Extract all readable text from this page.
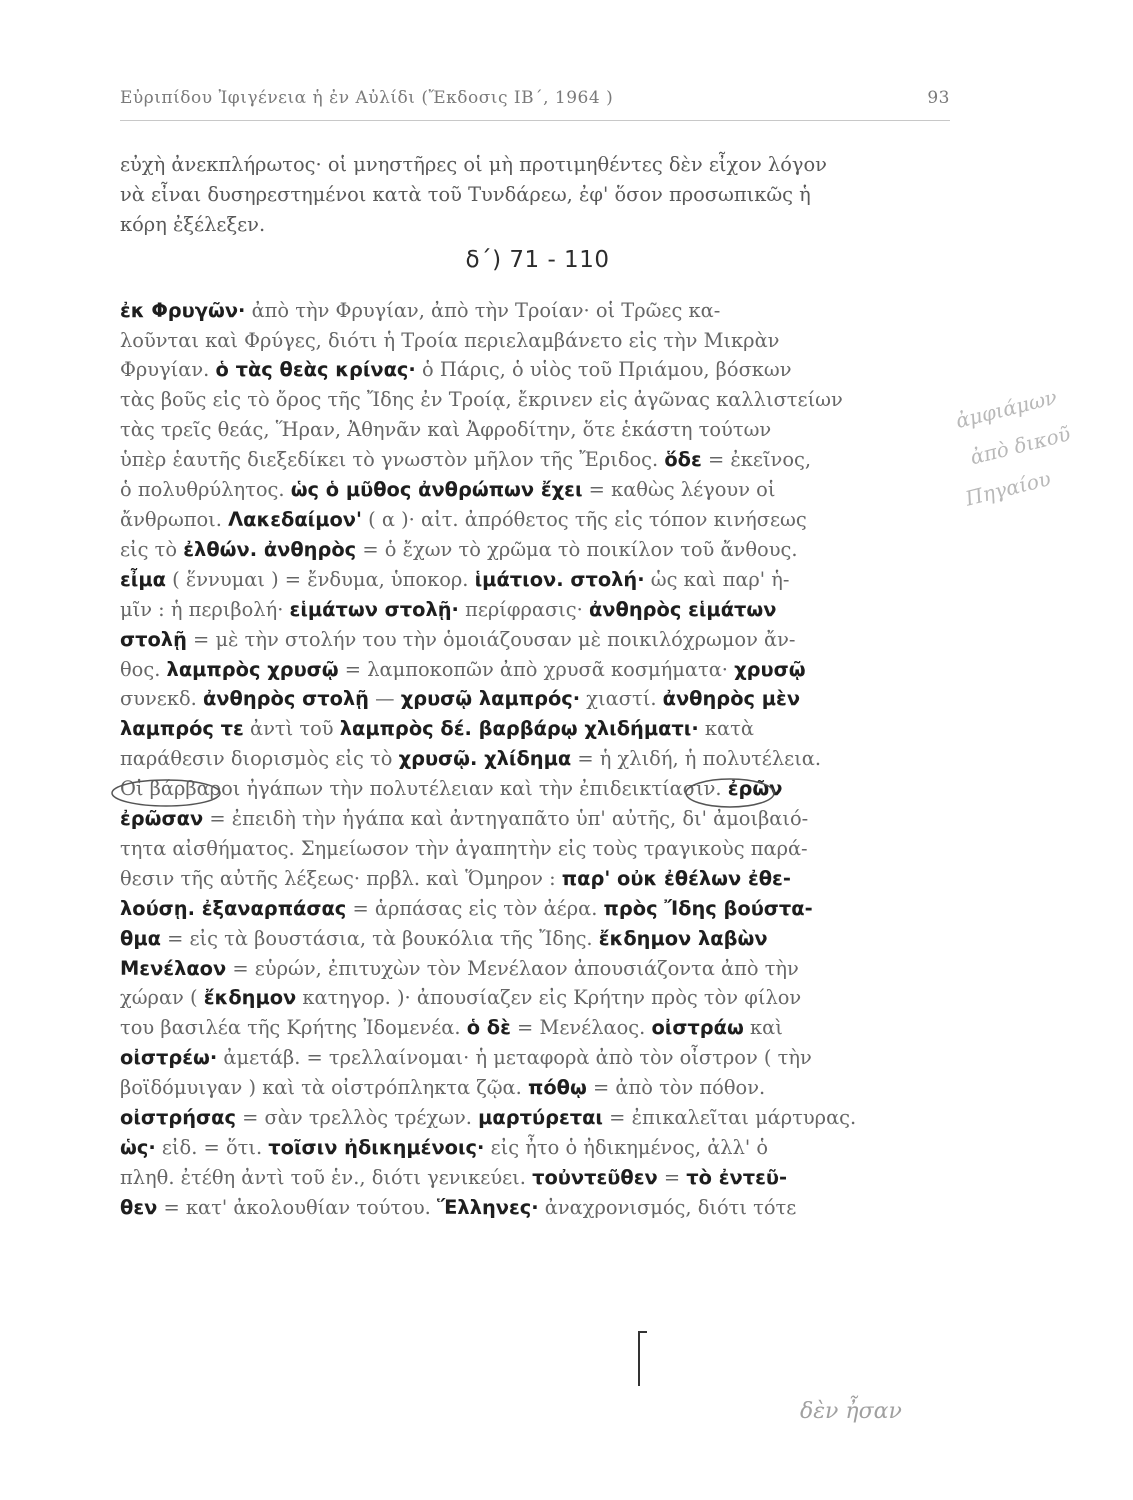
Εὐριπίδου Ἰφιγένεια ἡ ἐν Αὐλίδι (Ἔκδοσις ΙΒ΄, 1964 )	93
εὐχὴ ἀνεκπλήρωτος· οἱ μνηστῆρες οἱ μὴ προτιμηθέντες δὲν εἶχον λόγον
νὰ εἶναι δυσηρεστημένοι κατὰ τοῦ Τυνδάρεω, ἐφ' ὅσον προσωπικῶς ἡ
κόρη ἐξέλεξεν.
δ΄) 71 - 110
ἐκ Φρυγῶν· ἀπὸ τὴν Φρυγίαν, ἀπὸ τὴν Τροίαν· οἱ Τρῶες κα-
λοῦνται καὶ Φρύγες, διότι ἡ Τροία περιελαμβάνετο εἰς τὴν Μικρὰν
Φρυγίαν. ὁ τὰς θεὰς κρίνας· ὁ Πάρις, ὁ υἱὸς τοῦ Πριάμου, βόσκων
τὰς βοῦς εἰς τὸ ὄρος τῆς Ἴδης ἐν Τροίᾳ, ἔκρινεν εἰς ἀγῶνας καλλιστείων
τὰς τρεῖς θεάς, Ἥραν, Ἀθηνᾶν καὶ Ἀφροδίτην, ὅτε ἑκάστη τούτων
ὑπὲρ ἑαυτῆς διεξεδίκει τὸ γνωστὸν μῆλον τῆς Ἔριδος. ὅδε = ἐκεῖνος,
ὁ πολυθρύλητος. ὡς ὁ μῦθος ἀνθρώπων ἔχει = καθὼς λέγουν οἱ
ἄνθρωποι. Λακεδαίμον' ( α )· αἰτ. ἀπρόθετος τῆς εἰς τόπον κινήσεως
εἰς τὸ ἐλθών. ἀνθηρὸς = ὁ ἔχων τὸ χρῶμα τὸ ποικίλον τοῦ ἄνθους.
εἶμα ( ἕννυμαι ) = ἔνδυμα, ὑποκορ. ἱμάτιον. στολή· ὡς καὶ παρ' ἡ-
μῖν : ἡ περιβολή· εἱμάτων στολῇ· περίφρασις· ἀνθηρὸς εἱμάτων
στολῇ = μὲ τὴν στολήν του τὴν ὁμοιάζουσαν μὲ ποικιλόχρωμον ἄν-
θος. λαμπρὸς χρυσῷ = λαμποκοπῶν ἀπὸ χρυσᾶ κοσμήματα· χρυσῷ
συνεκδ. ἀνθηρὸς στολῇ — χρυσῷ λαμπρός· χιαστί. ἀνθηρὸς μὲν
λαμπρός τε ἀντὶ τοῦ λαμπρὸς δέ. βαρβάρῳ χλιδήματι· κατὰ
παράθεσιν διορισμὸς εἰς τὸ χρυσῷ. χλίδημα = ἡ χλιδή, ἡ πολυτέλεια.
Οἱ βάρβαροι ἠγάπων τὴν πολυτέλειαν καὶ τὴν ἐπιδεικτίασιν. ἐρῶν
ἐρῶσαν = ἐπειδὴ τὴν ἠγάπα καὶ ἀντηγαπᾶτο ὑπ' αὐτῆς, δι' ἀμοιβαιό-
τητα αἰσθήματος. Σημείωσον τὴν ἀγαπητὴν εἰς τοὺς τραγικοὺς παρά-
θεσιν τῆς αὐτῆς λέξεως· πρβλ. καὶ Ὅμηρον : παρ' οὐκ ἐθέλων ἐθε-
λούσῃ. ἐξαναρπάσας = ἁρπάσας εἰς τὸν ἀέρα. πρὸς Ἴδης βούστα-
θμα = εἰς τὰ βουστάσια, τὰ βουκόλια τῆς Ἴδης. ἔκδημον λαβὼν
Μενέλαον = εὑρών, ἐπιτυχὼν τὸν Μενέλαον ἀπουσιάζοντα ἀπὸ τὴν
χώραν ( ἔκδημον κατηγορ. )· ἀπουσίαζεν εἰς Κρήτην πρὸς τὸν φίλον
του βασιλέα τῆς Κρήτης Ἰδομενέα. ὁ δὲ = Μενέλαος. οἰστράω καὶ
οἰστρέω· ἀμετάβ. = τρελλαίνομαι· ἡ μεταφορὰ ἀπὸ τὸν οἶστρον ( τὴν
βοϊδόμυιγαν ) καὶ τὰ οἰστρόπληκτα ζῷα. πόθῳ = ἀπὸ τὸν πόθον.
οἰστρήσας = σὰν τρελλὸς τρέχων. μαρτύρεται = ἐπικαλεῖται μάρτυρας.
ὡς· εἰδ. = ὅτι. τοῖσιν ἠδικημένοις· εἰς ἦτο ὁ ἠδικημένος, ἀλλ' ὁ
πληθ. ἐτέθη ἀντὶ τοῦ ἑν., διότι γενικεύει. τοὐντεῦθεν = τὸ ἐντεῦ-
θεν = κατ' ἀκολουθίαν τούτου. Ἕλληνες· ἀναχρονισμός, διότι τότε
ἀμφιάμων
ἀπὸ δικοῦ
Πηγαίου
δὲν ἦσαν
